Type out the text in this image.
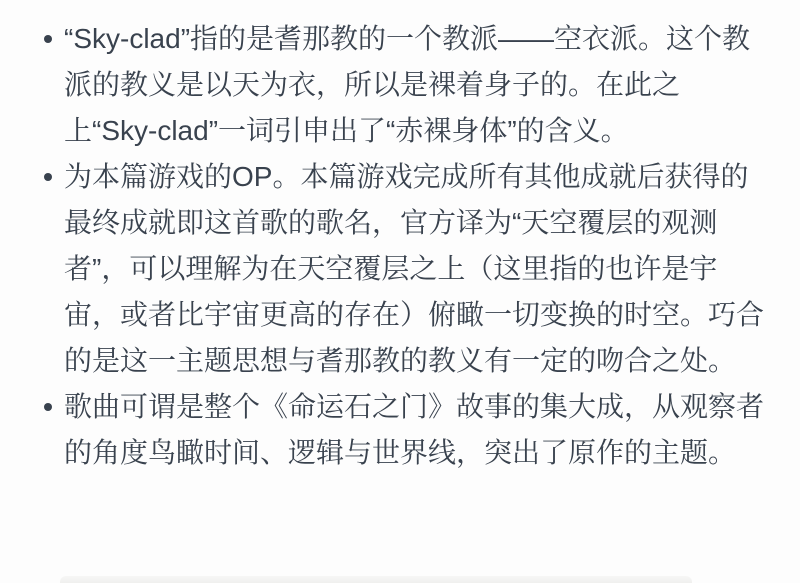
“Sky-clad”指的是耆那教的一个教派——空衣派。这个教派的教义是以天为衣，所以是裸着身子的。在此之上“Sky-clad”一词引申出了“赤裸身体”的含义。
为本篇游戏的OP。本篇游戏完成所有其他成就后获得的最终成就即这首歌的歌名，官方译为“天空覆层的观测者”，可以理解为在天空覆层之上（这里指的也许是宇宙，或者比宇宙更高的存在）俯瞰一切变换的时空。巧合的是这一主题思想与耆那教的教义有一定的吻合之处。
歌曲可谓是整个《命运石之门》故事的集大成，从观察者的角度鸟瞰时间、逻辑与世界线，突出了原作的主题。
